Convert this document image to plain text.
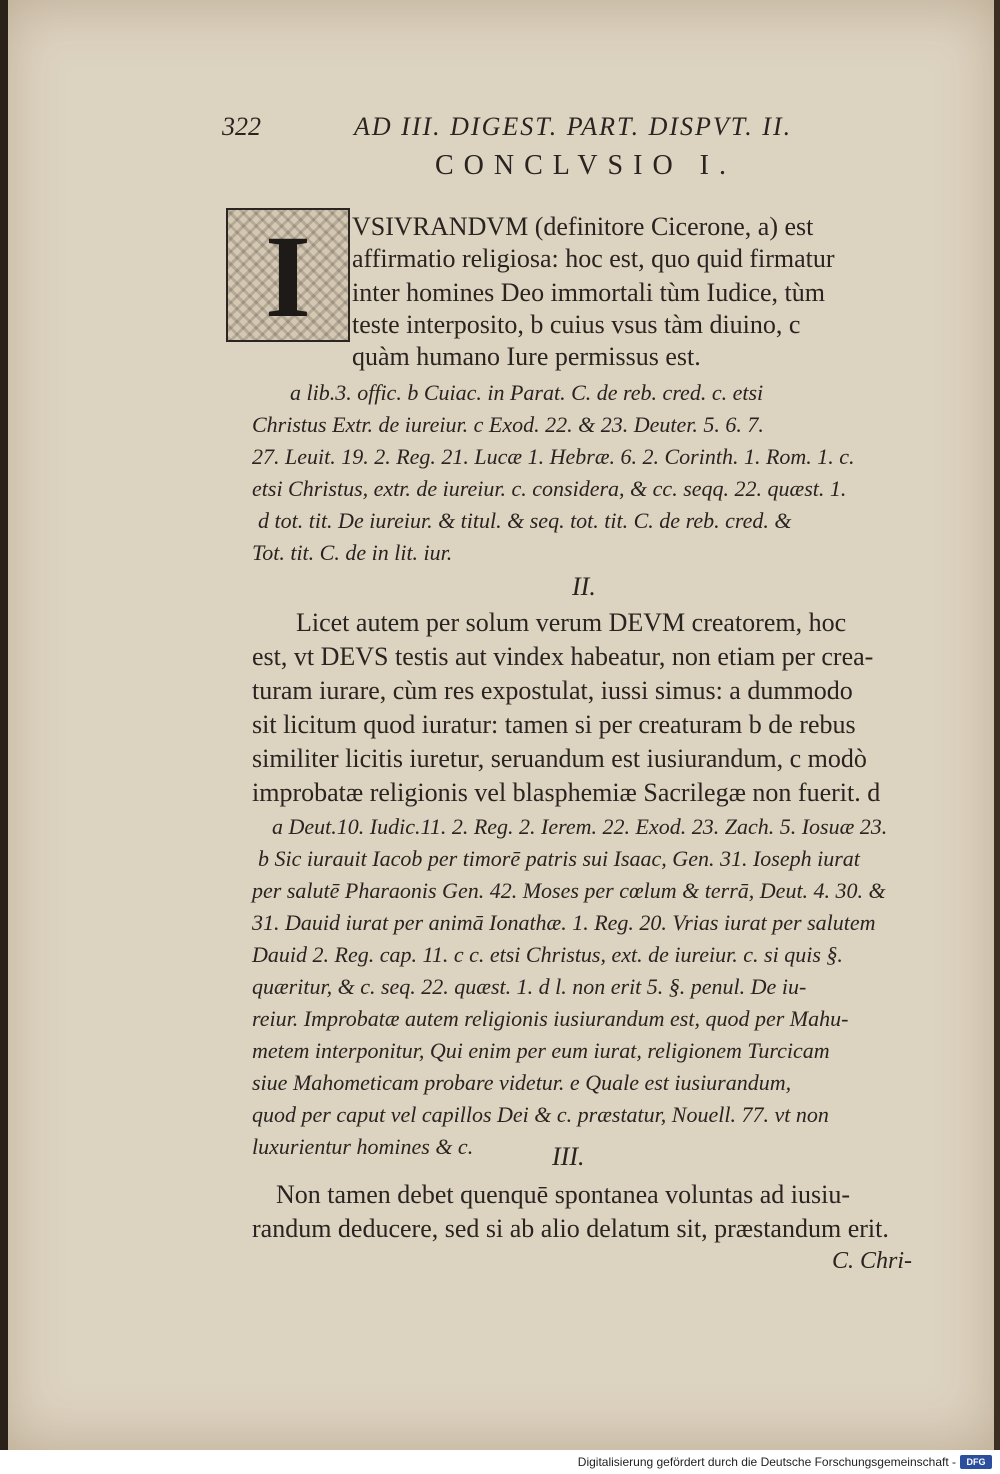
322	AD III. DIGEST. PART. DISPVT. II.
CONCLVSIO I.
I	VSIVRANDVM (definitore Cicerone, a) est
affirmatio religiosa: hoc est, quo quid firmatur
inter homines Deo immortali tùm Iudice, tùm
teste interposito, b cuius vsus tàm diuino, c
quàm humano Iure permissus est.
a lib.3. offic. b Cuiac. in Parat. C. de reb. cred. c. etsi
Christus Extr. de iureiur. c Exod. 22. & 23. Deuter. 5. 6. 7.
27. Leuit. 19. 2. Reg. 21. Lucæ 1. Hebræ. 6. 2. Corinth. 1. Rom. 1. c.
etsi Christus, extr. de iureiur. c. considera, & cc. seqq. 22. quæst. 1.
d tot. tit. De iureiur. & titul. & seq. tot. tit. C. de reb. cred. &
Tot. tit. C. de in lit. iur.
II.
Licet autem per solum verum DEVM creatorem, hoc
est, vt DEVS testis aut vindex habeatur, non etiam per crea-
turam iurare, cùm res expostulat, iussi simus: a dummodo
sit licitum quod iuratur: tamen si per creaturam b de rebus
similiter licitis iuretur, seruandum est iusiurandum, c modò
improbatæ religionis vel blasphemiæ Sacrilegæ non fuerit. d
a Deut.10. Iudic.11. 2. Reg. 2. Ierem. 22. Exod. 23. Zach. 5. Iosuæ 23.
b Sic iurauit Iacob per timorē patris sui Isaac, Gen. 31. Ioseph iurat
per salutē Pharaonis Gen. 42. Moses per cœlum & terrā, Deut. 4. 30. &
31. Dauid iurat per animā Ionathæ. 1. Reg. 20. Vrias iurat per salutem
Dauid 2. Reg. cap. 11. c c. etsi Christus, ext. de iureiur. c. si quis §.
quæritur, & c. seq. 22. quæst. 1. d l. non erit 5. §. penul. De iu-
reiur. Improbatæ autem religionis iusiurandum est, quod per Mahu-
metem interponitur, Qui enim per eum iurat, religionem Turcicam
siue Mahometicam probare videtur. e Quale est iusiurandum,
quod per caput vel capillos Dei & c. præstatur, Nouell. 77. vt non
luxurientur homines & c.	III.
Non tamen debet quenquē spontanea voluntas ad iusiu-
randum deducere, sed si ab alio delatum sit, præstandum erit.
C. Chri-
Digitalisierung gefördert durch die Deutsche Forschungsgemeinschaft -	DFG
